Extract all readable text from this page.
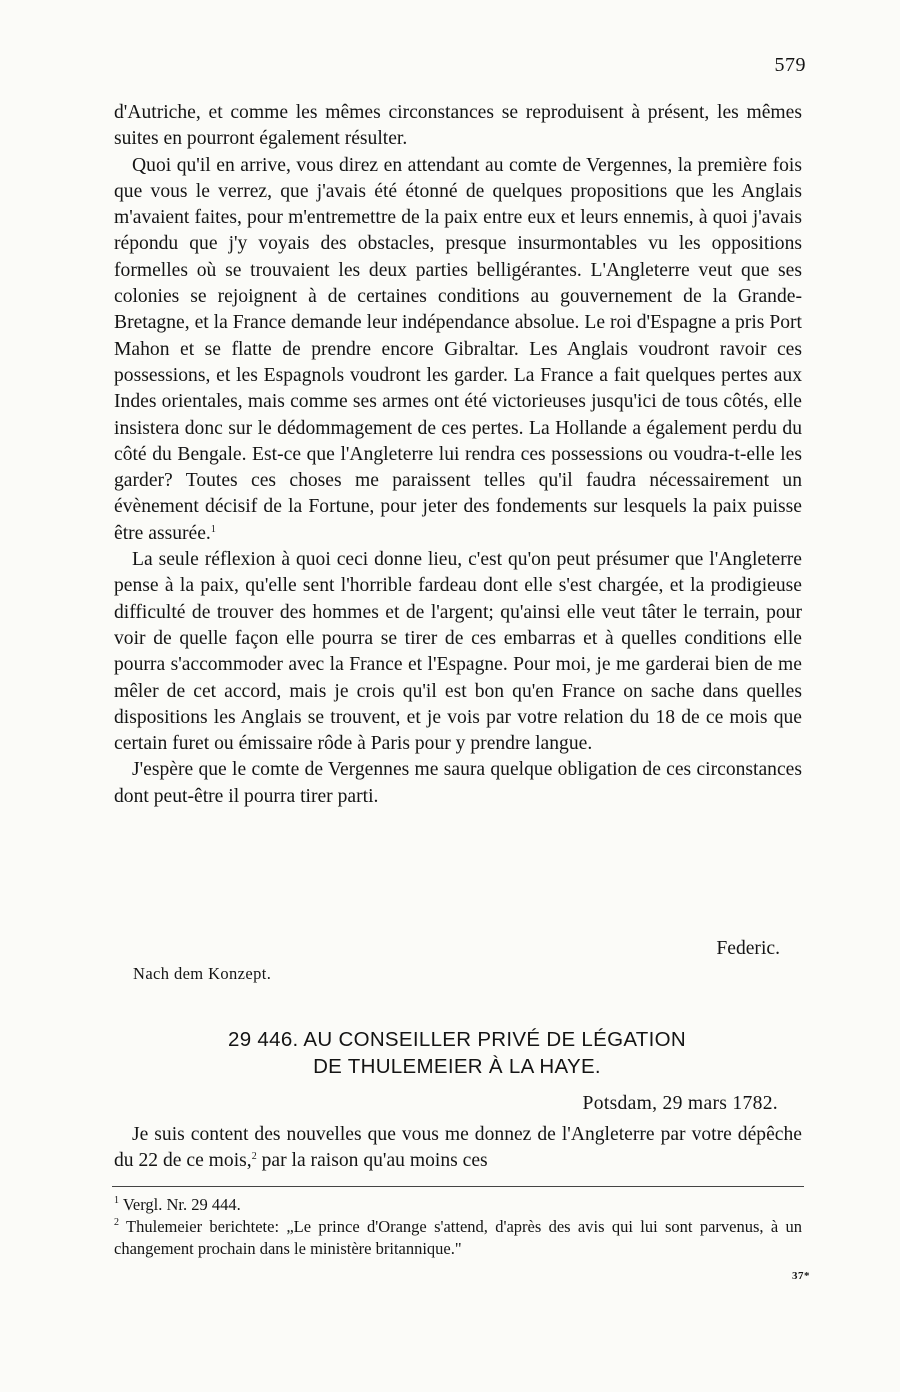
579

d'Autriche, et comme les mêmes circonstances se reproduisent à présent, les mêmes suites en pourront également résulter.

Quoi qu'il en arrive, vous direz en attendant au comte de Vergennes, la première fois que vous le verrez, que j'avais été étonné de quelques propositions que les Anglais m'avaient faites, pour m'entremettre de la paix entre eux et leurs ennemis, à quoi j'avais répondu que j'y voyais des obstacles, presque insurmontables vu les oppositions formelles où se trouvaient les deux parties belligérantes. L'Angleterre veut que ses colonies se rejoignent à de certaines conditions au gouvernement de la Grande-Bretagne, et la France demande leur indépendance absolue. Le roi d'Espagne a pris Port Mahon et se flatte de prendre encore Gibraltar. Les Anglais voudront ravoir ces possessions, et les Espagnols voudront les garder. La France a fait quelques pertes aux Indes orientales, mais comme ses armes ont été victorieuses jusqu'ici de tous côtés, elle insistera donc sur le dédommagement de ces pertes. La Hollande a également perdu du côté du Bengale. Est-ce que l'Angleterre lui rendra ces possessions ou voudra-t-elle les garder? Toutes ces choses me paraissent telles qu'il faudra nécessairement un évènement décisif de la Fortune, pour jeter des fondements sur lesquels la paix puisse être assurée.$^1$

La seule réflexion à quoi ceci donne lieu, c'est qu'on peut présumer que l'Angleterre pense à la paix, qu'elle sent l'horrible fardeau dont elle s'est chargée, et la prodigieuse difficulté de trouver des hommes et de l'argent; qu'ainsi elle veut tâter le terrain, pour voir de quelle façon elle pourra se tirer de ces embarras et à quelles conditions elle pourra s'accommoder avec la France et l'Espagne. Pour moi, je me garderai bien de me mêler de cet accord, mais je crois qu'il est bon qu'en France on sache dans quelles dispositions les Anglais se trouvent, et je vois par votre relation du 18 de ce mois que certain furet ou émissaire rôde à Paris pour y prendre langue.

J'espère que le comte de Vergennes me saura quelque obligation de ces circonstances dont peut-être il pourra tirer parti.

Federic.
Nach dem Konzept.
29 446. AU CONSEILLER PRIVÉ DE LÉGATION
DE THULEMEIER À LA HAYE.
Potsdam, 29 mars 1782.

Je suis content des nouvelles que vous me donnez de l'Angleterre par votre dépêche du 22 de ce mois,$^2$ par la raison qu'au moins ces

$^1$ Vergl. Nr. 29 444.

$^2$ Thulemeier berichtete: „Le prince d'Orange s'attend, d'après des avis qui lui sont parvenus, à un changement prochain dans le ministère britannique."

37*
